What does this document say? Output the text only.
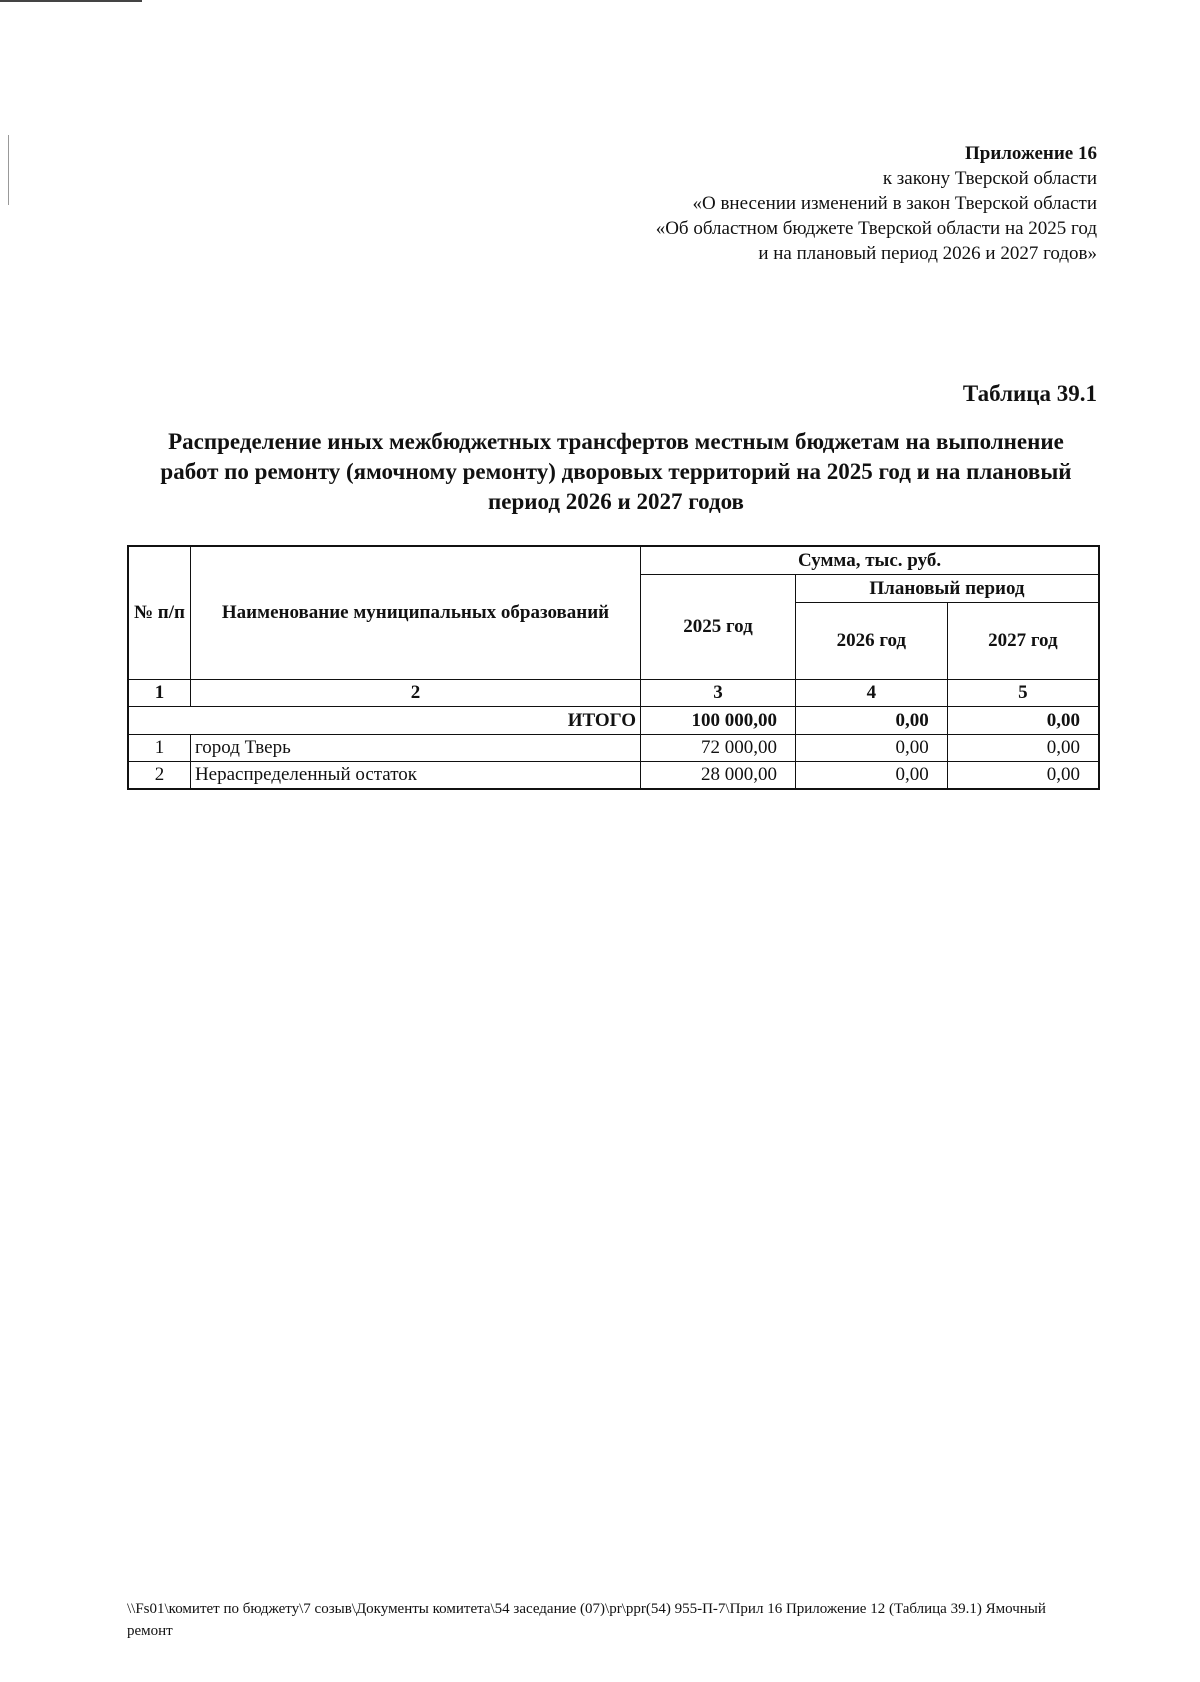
Приложение 16
к закону Тверской области
«О внесении изменений в закон Тверской области
«Об областном бюджете Тверской области на 2025 год
и на плановый период 2026 и 2027 годов»
Таблица 39.1
Распределение иных межбюджетных трансфертов местным бюджетам на выполнение
работ по ремонту (ямочному ремонту) дворовых территорий на 2025 год и на плановый
период 2026 и 2027 годов
№ п/п	Наименование муниципальных образований	Сумма, тыс. руб.		
		2025 год	Плановый период	
			2026 год	2027 год
1	2	3	4	5
ИТОГО		100 000,00	0,00	0,00
1	город Тверь	72 000,00	0,00	0,00
2	Нераспределенный остаток	28 000,00	0,00	0,00
\\Fs01\комитет по бюджету\7 созыв\Документы комитета\54 заседание (07)\pr\ppr(54) 955-П-7\Прил 16 Приложение 12 (Таблица 39.1) Ямочный
ремонт
